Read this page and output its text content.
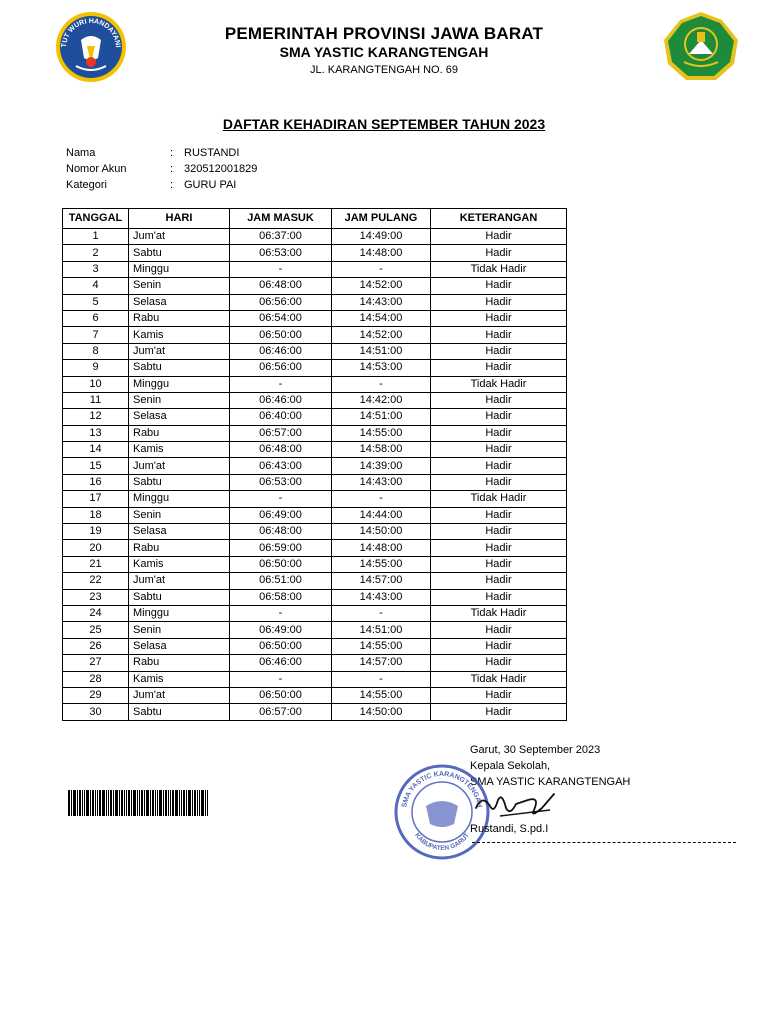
TUT WURI HANDAYANI
PEMERINTAH PROVINSI JAWA BARAT
SMA YASTIC KARANGTENGAH
JL. KARANGTENGAH NO. 69
DAFTAR KEHADIRAN SEPTEMBER TAHUN 2023
Nama	: RUSTANDI
Nomor Akun	: 320512001829
Kategori	: GURU PAI
TANGGAL	HARI	JAM MASUK	JAM PULANG	KETERANGAN
1	Jum'at	06:37:00	14:49:00	Hadir
2	Sabtu	06:53:00	14:48:00	Hadir
3	Minggu	-	-	Tidak Hadir
4	Senin	06:48:00	14:52:00	Hadir
5	Selasa	06:56:00	14:43:00	Hadir
6	Rabu	06:54:00	14:54:00	Hadir
7	Kamis	06:50:00	14:52:00	Hadir
8	Jum'at	06:46:00	14:51:00	Hadir
9	Sabtu	06:56:00	14:53:00	Hadir
10	Minggu	-	-	Tidak Hadir
11	Senin	06:46:00	14:42:00	Hadir
12	Selasa	06:40:00	14:51:00	Hadir
13	Rabu	06:57:00	14:55:00	Hadir
14	Kamis	06:48:00	14:58:00	Hadir
15	Jum'at	06:43:00	14:39:00	Hadir
16	Sabtu	06:53:00	14:43:00	Hadir
17	Minggu	-	-	Tidak Hadir
18	Senin	06:49:00	14:44:00	Hadir
19	Selasa	06:48:00	14:50:00	Hadir
20	Rabu	06:59:00	14:48:00	Hadir
21	Kamis	06:50:00	14:55:00	Hadir
22	Jum'at	06:51:00	14:57:00	Hadir
23	Sabtu	06:58:00	14:43:00	Hadir
24	Minggu	-	-	Tidak Hadir
25	Senin	06:49:00	14:51:00	Hadir
26	Selasa	06:50:00	14:55:00	Hadir
27	Rabu	06:46:00	14:57:00	Hadir
28	Kamis	-	-	Tidak Hadir
29	Jum'at	06:50:00	14:55:00	Hadir
30	Sabtu	06:57:00	14:50:00	Hadir
Garut, 30 September 2023
Kepala Sekolah,
SMA YASTIC KARANGTENGAH
SMA YASTIC KARANGTENGAH
KABUPATEN GARUT
Rustandi, S.pd.I
